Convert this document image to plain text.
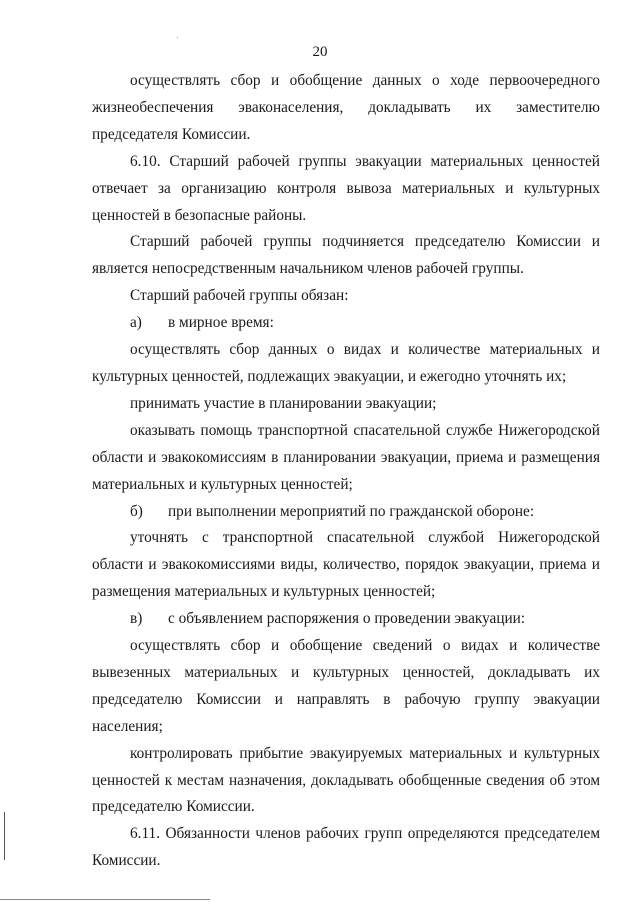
20

осуществлять сбор и обобщение данных о ходе первоочередного жизнеобеспечения эваконаселения, докладывать их заместителю председателя Комиссии.

6.10. Старший рабочей группы эвакуации материальных ценностей отвечает за организацию контроля вывоза материальных и культурных ценностей в безопасные районы.

Старший рабочей группы подчиняется председателю Комиссии и является непосредственным начальником членов рабочей группы.

Старший рабочей группы обязан:

а) в мирное время:

осуществлять сбор данных о видах и количестве материальных и культурных ценностей, подлежащих эвакуации, и ежегодно уточнять их;

принимать участие в планировании эвакуации;

оказывать помощь транспортной спасательной службе Нижегородской области и эвакокомиссиям в планировании эвакуации, приема и размещения материальных и культурных ценностей;

б) при выполнении мероприятий по гражданской обороне:

уточнять с транспортной спасательной службой Нижегородской области и эвакокомиссиями виды, количество, порядок эвакуации, приема и размещения материальных и культурных ценностей;

в) с объявлением распоряжения о проведении эвакуации:

осуществлять сбор и обобщение сведений о видах и количестве вывезенных материальных и культурных ценностей, докладывать их председателю Комиссии и направлять в рабочую группу эвакуации населения;

контролировать прибытие эвакуируемых материальных и культурных ценностей к местам назначения, докладывать обобщенные сведения об этом председателю Комиссии.

6.11. Обязанности членов рабочих групп определяются председателем Комиссии.
